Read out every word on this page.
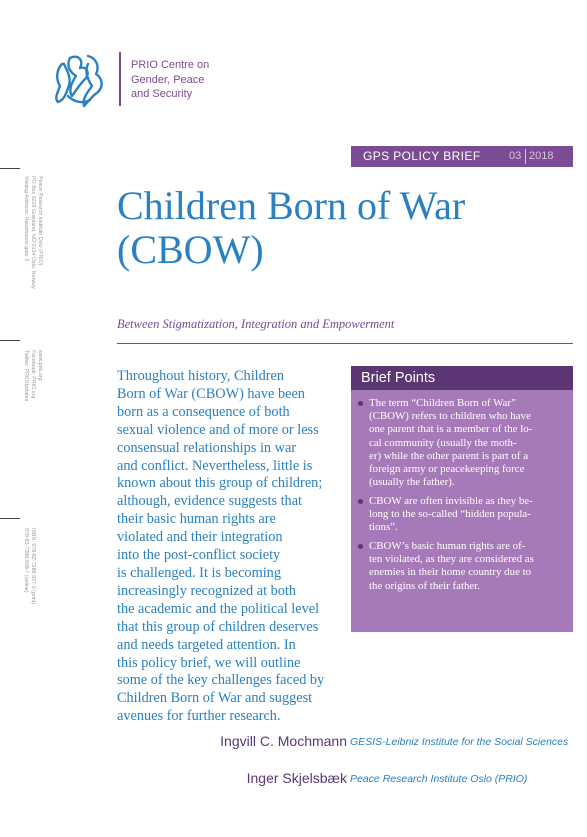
PRIO Centre on
Gender, Peace
and Security
GPS POLICY BRIEF	03 2018
Peace Research Institute Oslo (PRIO)
PO Box 9229 Grønland, NO-0134 Oslo, Norway
Visiting Address: Hausmanns gate 3
www.prio.org
Facebook: PRIO.org
Twitter: PRIOUpdates
ISBN: 978-82-7288-937-0 (print)
978-82-7288-938-7 (online)
Children Born of War
(CBOW)
Between Stigmatization, Integration and Empowerment
Throughout history, Children
Born of War (CBOW) have been
born as a consequence of both
sexual violence and of more or less
consensual relationships in war
and conflict. Nevertheless, little is
known about this group of children;
although, evidence suggests that
their basic human rights are
violated and their integration
into the post-conflict society
is challenged. It is becoming
increasingly recognized at both
the academic and the political level
that this group of children deserves
and needs targeted attention. In
this policy brief, we will outline
some of the key challenges faced by
Children Born of War and suggest
avenues for further research.
Brief Points
The term “Children Born of War”
(CBOW) refers to children who have
one parent that is a member of the lo-
cal community (usually the moth-
er) while the other parent is part of a
foreign army or peacekeeping force
(usually the father).
CBOW are often invisible as they be-
long to the so-called “hidden popula-
tions”.
CBOW’s basic human rights are of-
ten violated, as they are considered as
enemies in their home country due to
the origins of their father.
Ingvill C. Mochmann GESIS-Leibniz Institute for the Social Sciences
Inger Skjelsbæk Peace Research Institute Oslo (PRIO)
